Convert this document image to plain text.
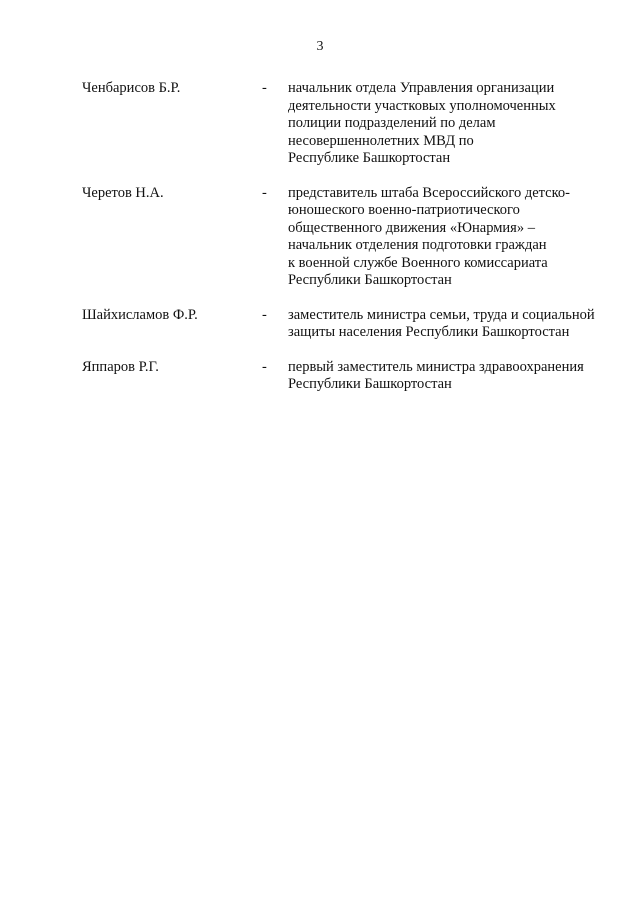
3
Ченбарисов Б.Р.	-	начальник отдела Управления организации
деятельности участковых уполномоченных
полиции подразделений по делам
несовершеннолетних МВД по
Республике Башкортостан
Черетов Н.А.	-	представитель штаба Всероссийского детско-
юношеского военно-патриотического
общественного движения «Юнармия» –
начальник отделения подготовки граждан
к военной службе Военного комиссариата
Республики Башкортостан
Шайхисламов Ф.Р.	-	заместитель министра семьи, труда и социальной
защиты населения Республики Башкортостан
Яппаров Р.Г.	-	первый заместитель министра здравоохранения
Республики Башкортостан
